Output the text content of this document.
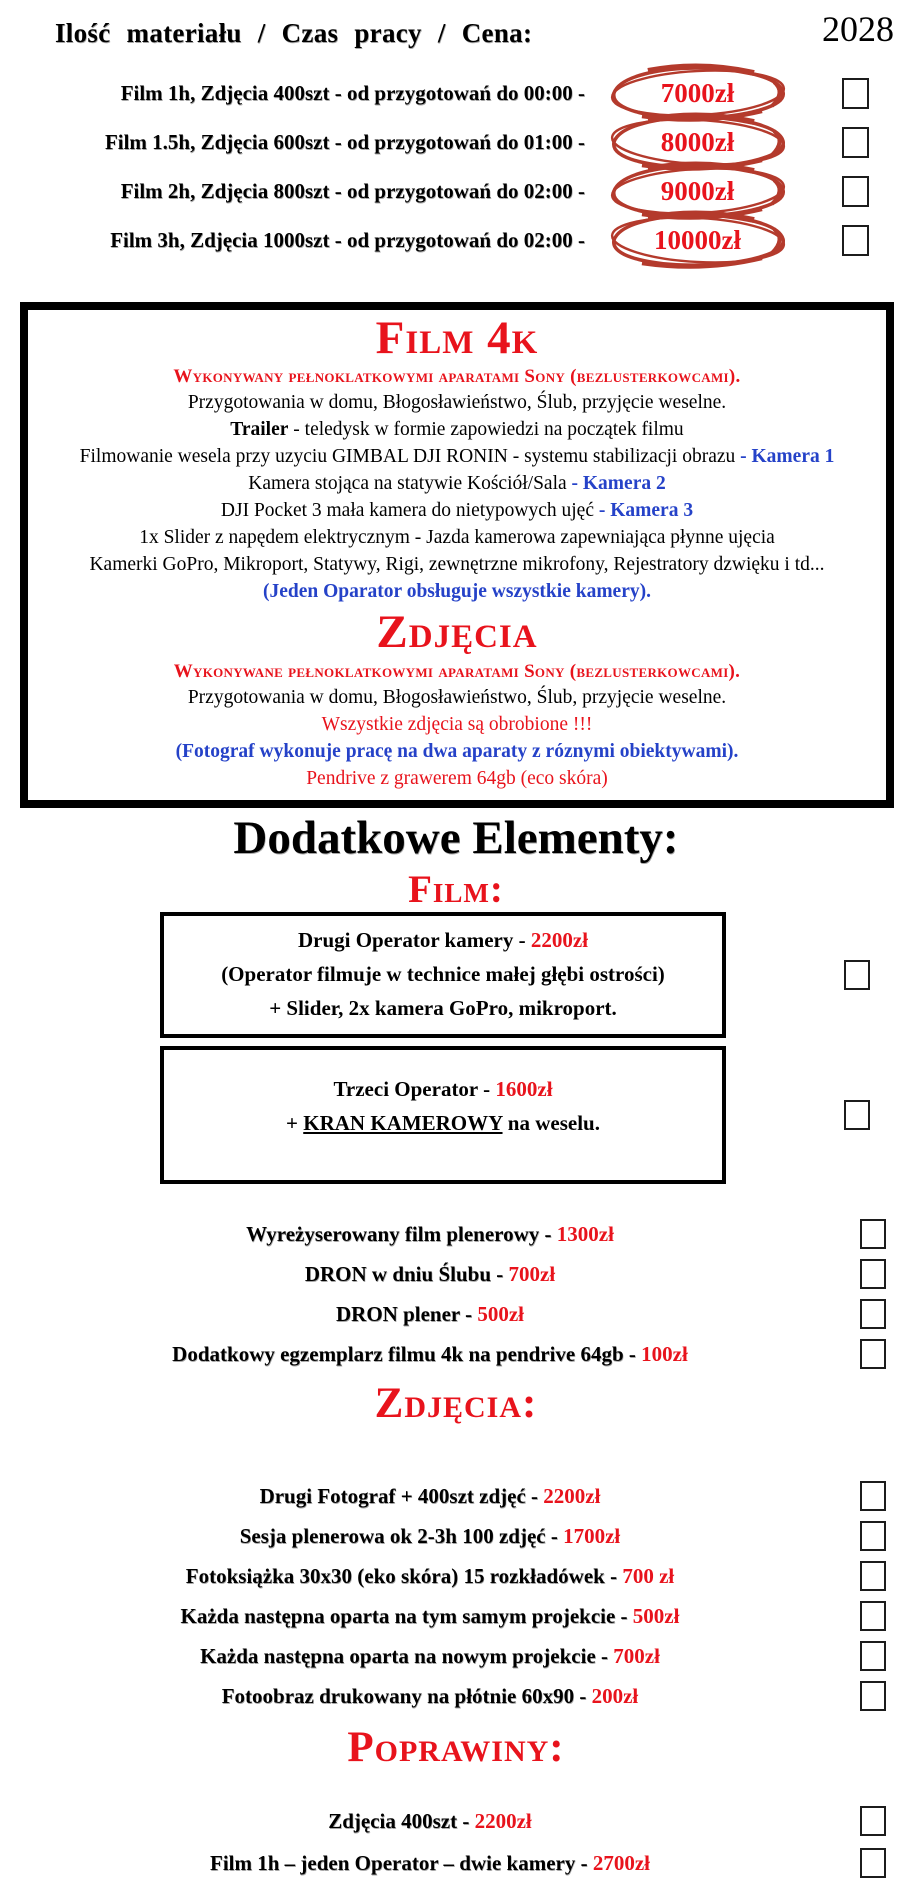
Ilość materiału / Czas pracy / Cena:	2028
Film 1h, Zdjęcia 400szt - od przygotowań do 00:00 -	7000zł
Film 1.5h, Zdjęcia 600szt - od przygotowań do 01:00 -	8000zł
Film 2h, Zdjęcia 800szt - od przygotowań do 02:00 -	9000zł
Film 3h, Zdjęcia 1000szt - od przygotowań do 02:00 -	10000zł
Film 4k
Wykonywany pełnoklatkowymi aparatami Sony (bezlusterkowcami).
Przygotowania w domu, Błogosławieństwo, Ślub, przyjęcie weselne.
Trailer - teledysk w formie zapowiedzi na początek filmu
Filmowanie wesela przy uzyciu GIMBAL DJI RONIN - systemu stabilizacji obrazu - Kamera 1
Kamera stojąca na statywie Kościół/Sala - Kamera 2
DJI Pocket 3 mała kamera do nietypowych ujęć - Kamera 3
1x Slider z napędem elektrycznym - Jazda kamerowa zapewniająca płynne ujęcia
Kamerki GoPro, Mikroport, Statywy, Rigi, zewnętrzne mikrofony, Rejestratory dzwięku i td...
(Jeden Oparator obsługuje wszystkie kamery).
Zdjęcia
Wykonywane pełnoklatkowymi aparatami Sony (bezlusterkowcami).
Przygotowania w domu, Błogosławieństwo, Ślub, przyjęcie weselne.
Wszystkie zdjęcia są obrobione !!!
(Fotograf wykonuje pracę na dwa aparaty z róznymi obiektywami).
Pendrive z grawerem 64gb (eco skóra)
Dodatkowe Elementy:
Film:
Drugi Operator kamery - 2200zł
(Operator filmuje w technice małej głębi ostrości)
+ Slider, 2x kamera GoPro, mikroport.
Trzeci Operator - 1600zł
+ KRAN KAMEROWY na weselu.
Wyreżyserowany film plenerowy - 1300zł
DRON w dniu Ślubu - 700zł
DRON plener - 500zł
Dodatkowy egzemplarz filmu 4k na pendrive 64gb - 100zł
Zdjęcia:
Drugi Fotograf + 400szt zdjęć - 2200zł
Sesja plenerowa ok 2-3h 100 zdjęć - 1700zł
Fotoksiążka 30x30 (eko skóra) 15 rozkładówek - 700 zł
Każda następna oparta na tym samym projekcie - 500zł
Każda następna oparta na nowym projekcie - 700zł
Fotoobraz drukowany na płótnie 60x90 - 200zł
Poprawiny:
Zdjęcia 400szt - 2200zł
Film 1h – jeden Operator – dwie kamery - 2700zł
